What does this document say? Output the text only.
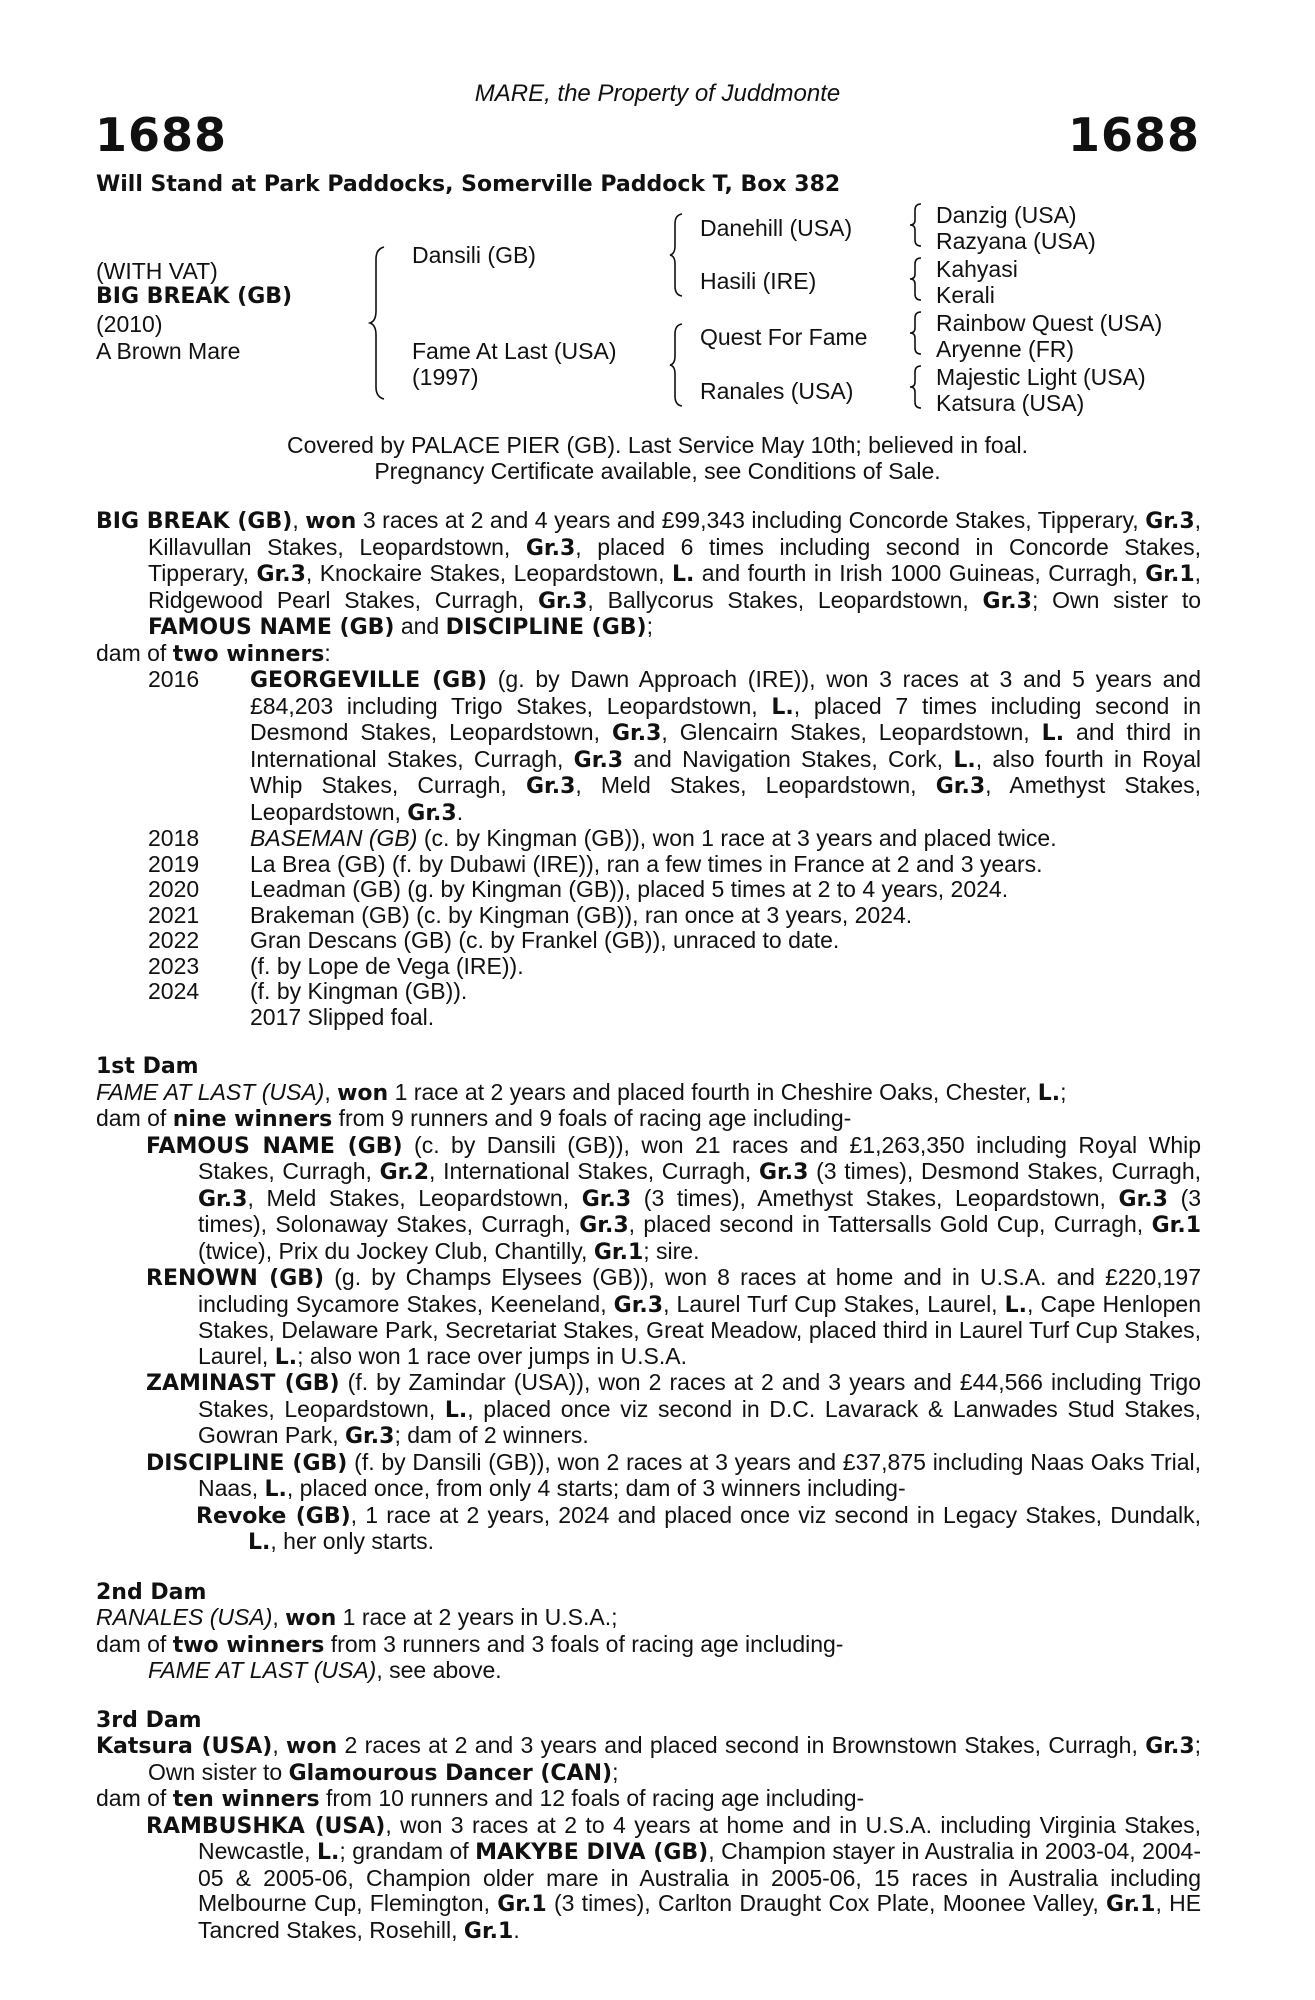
MARE, the Property of Juddmonte
1688	1688
Will Stand at Park Paddocks, Somerville Paddock T, Box 382
(WITH VAT)
BIG BREAK (GB)
(2010)
A Brown Mare
Dansili (GB)
Fame At Last (USA)
(1997)
Danehill (USA)
Hasili (IRE)
Quest For Fame
Ranales (USA)
Danzig (USA)
Razyana (USA)
Kahyasi
Kerali
Rainbow Quest (USA)
Aryenne (FR)
Majestic Light (USA)
Katsura (USA)
Covered by PALACE PIER (GB). Last Service May 10th; believed in foal.
Pregnancy Certificate available, see Conditions of Sale.

BIG BREAK (GB), won 3 races at 2 and 4 years and £99,343 including Concorde Stakes, Tipperary, Gr.3, Killavullan Stakes, Leopardstown, Gr.3, placed 6 times including second in Concorde Stakes, Tipperary, Gr.3, Knockaire Stakes, Leopardstown, L. and fourth in Irish 1000 Guineas, Curragh, Gr.1, Ridgewood Pearl Stakes, Curragh, Gr.3, Ballycorus Stakes, Leopardstown, Gr.3; Own sister to FAMOUS NAME (GB) and DISCIPLINE (GB);

dam of two winners:

2016	GEORGEVILLE (GB) (g. by Dawn Approach (IRE)), won 3 races at 3 and 5 years and £84,203 including Trigo Stakes, Leopardstown, L., placed 7 times including second in Desmond Stakes, Leopardstown, Gr.3, Glencairn Stakes, Leopardstown, L. and third in International Stakes, Curragh, Gr.3 and Navigation Stakes, Cork, L., also fourth in Royal Whip Stakes, Curragh, Gr.3, Meld Stakes, Leopardstown, Gr.3, Amethyst Stakes, Leopardstown, Gr.3.

2018	BASEMAN (GB) (c. by Kingman (GB)), won 1 race at 3 years and placed twice.

2019	La Brea (GB) (f. by Dubawi (IRE)), ran a few times in France at 2 and 3 years.

2020	Leadman (GB) (g. by Kingman (GB)), placed 5 times at 2 to 4 years, 2024.

2021	Brakeman (GB) (c. by Kingman (GB)), ran once at 3 years, 2024.

2022	Gran Descans (GB) (c. by Frankel (GB)), unraced to date.

2023	(f. by Lope de Vega (IRE)).

2024	(f. by Kingman (GB)).

2017 Slipped foal.

1st Dam

FAME AT LAST (USA), won 1 race at 2 years and placed fourth in Cheshire Oaks, Chester, L.;

dam of nine winners from 9 runners and 9 foals of racing age including-

FAMOUS NAME (GB) (c. by Dansili (GB)), won 21 races and £1,263,350 including Royal Whip Stakes, Curragh, Gr.2, International Stakes, Curragh, Gr.3 (3 times), Desmond Stakes, Curragh, Gr.3, Meld Stakes, Leopardstown, Gr.3 (3 times), Amethyst Stakes, Leopardstown, Gr.3 (3 times), Solonaway Stakes, Curragh, Gr.3, placed second in Tattersalls Gold Cup, Curragh, Gr.1 (twice), Prix du Jockey Club, Chantilly, Gr.1; sire.

RENOWN (GB) (g. by Champs Elysees (GB)), won 8 races at home and in U.S.A. and £220,197 including Sycamore Stakes, Keeneland, Gr.3, Laurel Turf Cup Stakes, Laurel, L., Cape Henlopen Stakes, Delaware Park, Secretariat Stakes, Great Meadow, placed third in Laurel Turf Cup Stakes, Laurel, L.; also won 1 race over jumps in U.S.A.

ZAMINAST (GB) (f. by Zamindar (USA)), won 2 races at 2 and 3 years and £44,566 including Trigo Stakes, Leopardstown, L., placed once viz second in D.C. Lavarack & Lanwades Stud Stakes, Gowran Park, Gr.3; dam of 2 winners.

DISCIPLINE (GB) (f. by Dansili (GB)), won 2 races at 3 years and £37,875 including Naas Oaks Trial, Naas, L., placed once, from only 4 starts; dam of 3 winners including-

Revoke (GB), 1 race at 2 years, 2024 and placed once viz second in Legacy Stakes, Dundalk, L., her only starts.

2nd Dam

RANALES (USA), won 1 race at 2 years in U.S.A.;

dam of two winners from 3 runners and 3 foals of racing age including-

FAME AT LAST (USA), see above.

3rd Dam

Katsura (USA), won 2 races at 2 and 3 years and placed second in Brownstown Stakes, Curragh, Gr.3; Own sister to Glamourous Dancer (CAN);

dam of ten winners from 10 runners and 12 foals of racing age including-

RAMBUSHKA (USA), won 3 races at 2 to 4 years at home and in U.S.A. including Virginia Stakes, Newcastle, L.; grandam of MAKYBE DIVA (GB), Champion stayer in Australia in 2003-04, 2004-05 & 2005-06, Champion older mare in Australia in 2005-06, 15 races in Australia including Melbourne Cup, Flemington, Gr.1 (3 times), Carlton Draught Cox Plate, Moonee Valley, Gr.1, HE Tancred Stakes, Rosehill, Gr.1.
